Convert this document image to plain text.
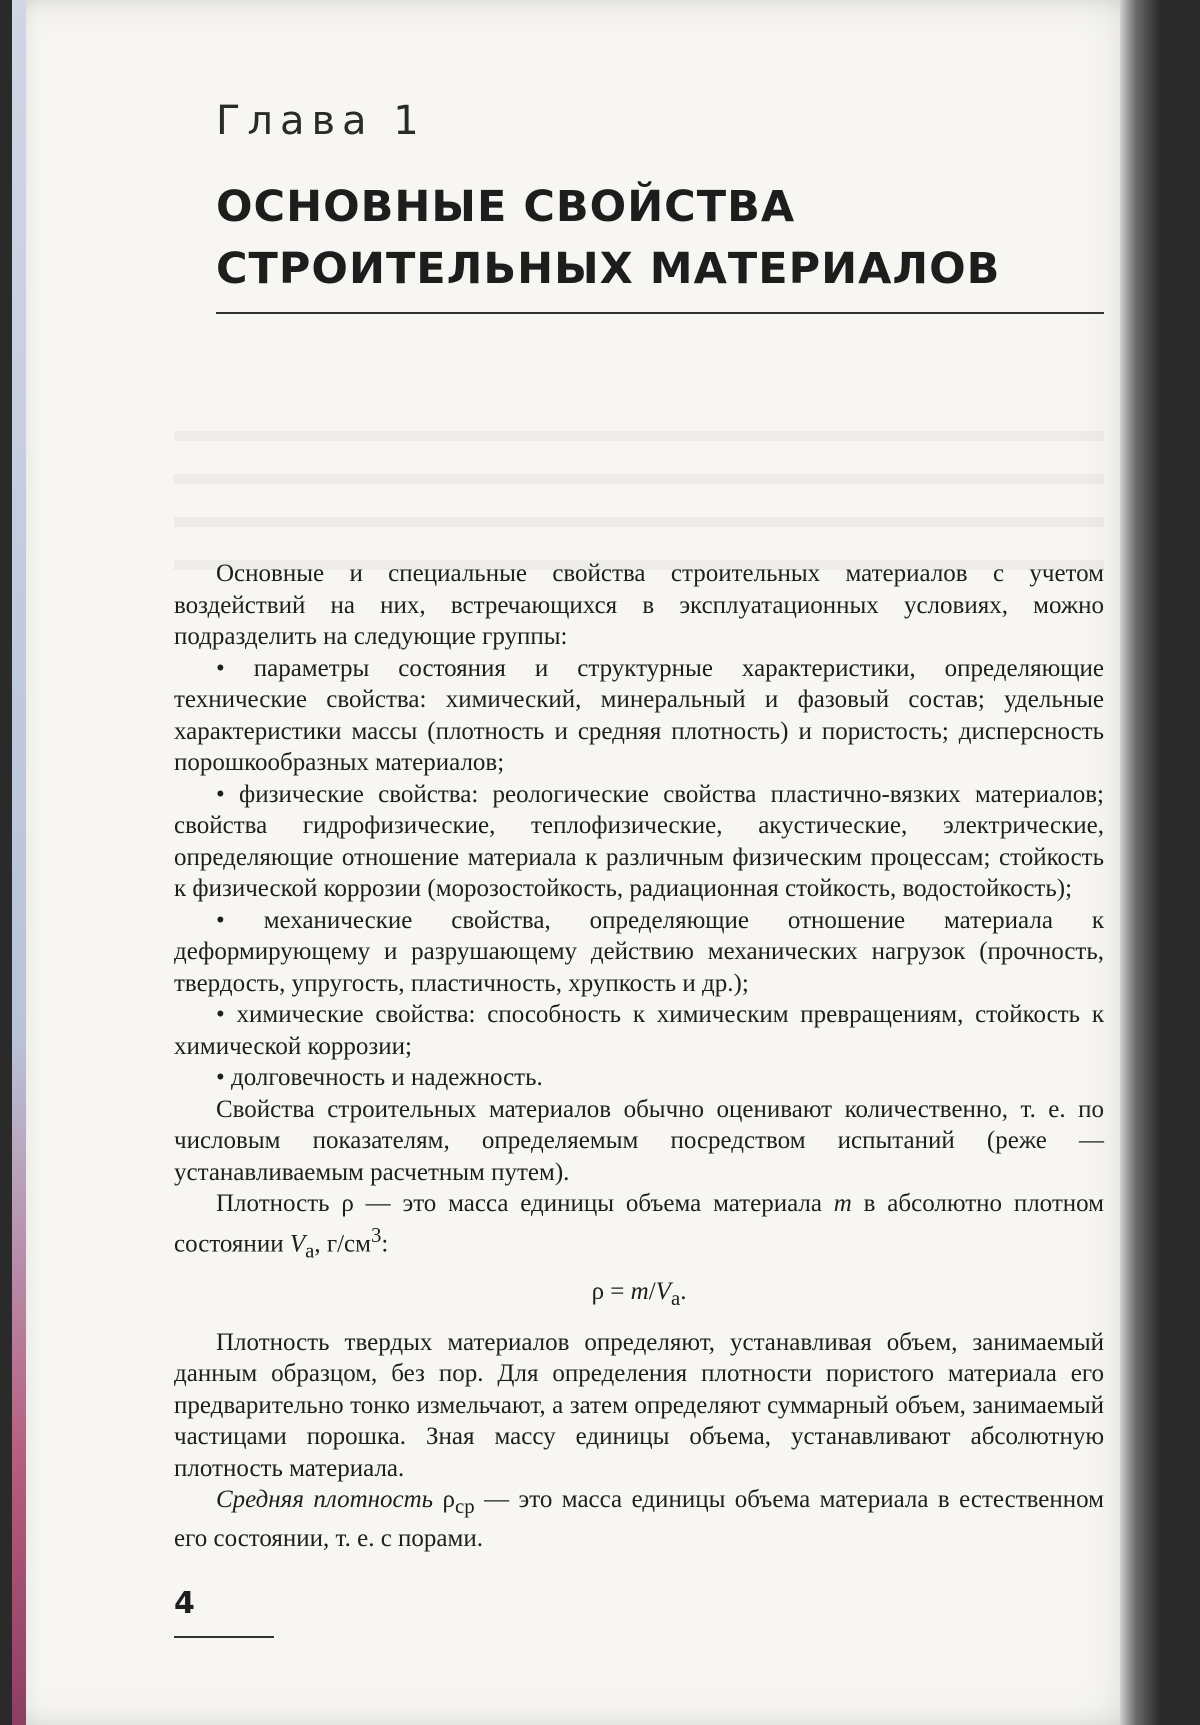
Глава 1
ОСНОВНЫЕ СВОЙСТВА
СТРОИТЕЛЬНЫХ МАТЕРИАЛОВ

Основные и специальные свойства строительных материалов с учетом воздействий на них, встречающихся в эксплуатационных условиях, можно подразделить на следующие группы:

• параметры состояния и структурные характеристики, определяющие технические свойства: химический, минеральный и фазовый состав; удельные характеристики массы (плотность и средняя плотность) и пористость; дисперсность порошкообразных материалов;

• физические свойства: реологические свойства пластично-вязких материалов; свойства гидрофизические, теплофизические, акустические, электрические, определяющие отношение материала к различным физическим процессам; стойкость к физической коррозии (морозостойкость, радиационная стойкость, водостойкость);

• механические свойства, определяющие отношение материала к деформирующему и разрушающему действию механических нагрузок (прочность, твердость, упругость, пластичность, хрупкость и др.);

• химические свойства: способность к химическим превращениям, стойкость к химической коррозии;

• долговечность и надежность.

Свойства строительных материалов обычно оценивают количественно, т. е. по числовым показателям, определяемым посредством испытаний (реже — устанавливаемым расчетным путем).

Плотность ρ — это масса единицы объема материала m в абсолютно плотном состоянии $V_а$, $г/см^3$:

$\rho = m/V_а$.

Плотность твердых материалов определяют, устанавливая объем, занимаемый данным образцом, без пор. Для определения плотности пористого материала его предварительно тонко измельчают, а затем определяют суммарный объем, занимаемый частицами порошка. Зная массу единицы объема, устанавливают абсолютную плотность материала.

Средняя плотность $\rho_{ср}$ — это масса единицы объема материала в естественном его состоянии, т. е. с порами.

4
